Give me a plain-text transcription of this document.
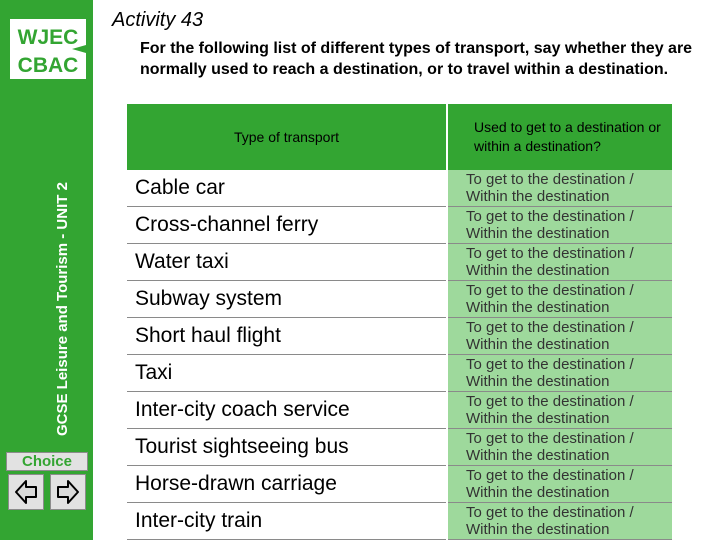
WJEC
CBAC
GCSE Leisure and Tourism - UNIT 2
Choice
Activity 43

For the following list of different types of transport, say whether they are normally used to reach a destination, or to travel within a destination.

Type of transport	Used to get to a destination or within a destination?

Cable car	To get to the destination / Within the destination
Cross-channel ferry	To get to the destination / Within the destination
Water taxi	To get to the destination / Within the destination
Subway system	To get to the destination / Within the destination
Short haul flight	To get to the destination / Within the destination
Taxi	To get to the destination / Within the destination
Inter-city coach service	To get to the destination / Within the destination
Tourist sightseeing bus	To get to the destination / Within the destination
Horse-drawn carriage	To get to the destination / Within the destination
Inter-city train	To get to the destination / Within the destination
